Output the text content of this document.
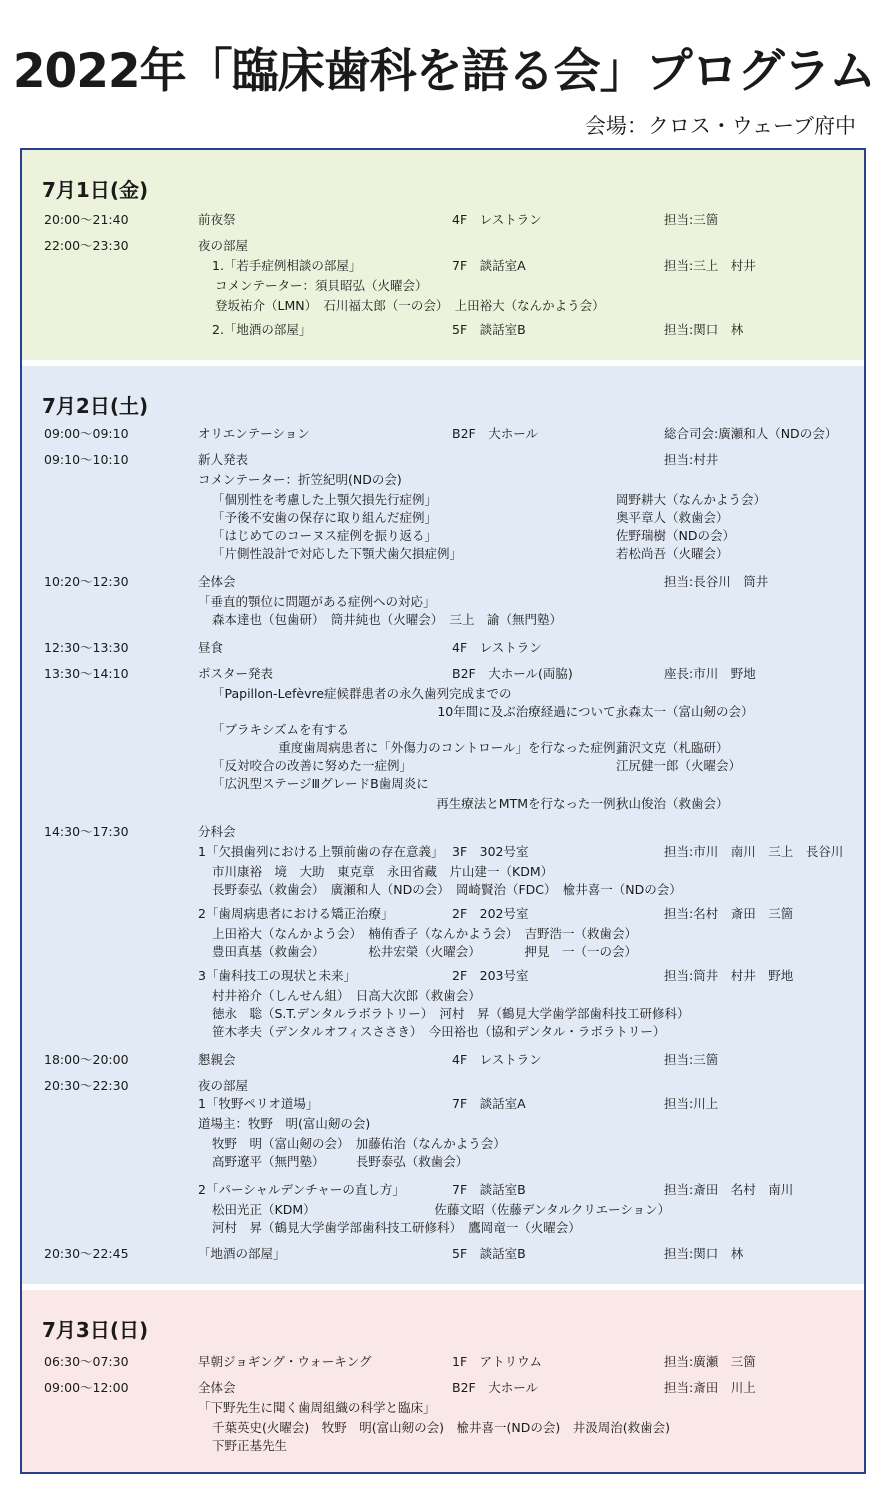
2022年「臨床歯科を語る会」プログラム
会場：クロス・ウェーブ府中
7月1日(金)
20:00〜21:40	前夜祭	4F　レストラン	担当:三箇
22:00〜23:30	夜の部屋
1.「若手症例相談の部屋」	7F　談話室A	担当:三上　村井
コメンテーター：須貝昭弘（火曜会）
登坂祐介（LMN）　石川福太郎（一の会）　上田裕大（なんかよう会）
2.「地酒の部屋」	5F　談話室B	担当:関口　林
7月2日(土)
09:00〜09:10	オリエンテーション	B2F　大ホール	総合司会:廣瀬和人（NDの会）
09:10〜10:10	新人発表	担当:村井
コメンテーター：折笠紀明(NDの会)
「個別性を考慮した上顎欠損先行症例」	岡野耕大（なんかよう会）
「予後不安歯の保存に取り組んだ症例」	奥平章人（救歯会）
「はじめてのコーヌス症例を振り返る」	佐野瑞樹（NDの会）
「片側性設計で対応した下顎犬歯欠損症例」	若松尚吾（火曜会）
10:20〜12:30	全体会	担当:長谷川　筒井
「垂直的顎位に問題がある症例への対応」
森本達也（包歯研）　筒井純也（火曜会）　三上　諭（無門塾）
12:30〜13:30	昼食	4F　レストラン
13:30〜14:10	ポスター発表	B2F　大ホール(両脇)	座長:市川　野地
「Papillon-Lefèvre症候群患者の永久歯列完成までの
10年間に及ぶ治療経過について」
永森太一（富山剱の会）
「ブラキシズムを有する
重度歯周病患者に「外傷力のコントロール」を行なった症例」
蒲沢文克（札臨研）
「反対咬合の改善に努めた一症例」	江尻健一郎（火曜会）
「広汎型ステージⅢグレードB歯周炎に
再生療法とMTMを行なった一例」
秋山俊治（救歯会）
14:30〜17:30	分科会
1「欠損歯列における上顎前歯の存在意義」 3F　302号室	担当:市川　南川　三上　長谷川
市川康裕　境　大助　東克章　永田省藏　片山建一（KDM）
長野泰弘（救歯会）　廣瀬和人（NDの会）　岡崎賢治（FDC）　楡井喜一（NDの会）
2「歯周病患者における矯正治療」	2F　202号室	担当:名村　斎田　三箇
上田裕大（なんかよう会）　楠侑香子（なんかよう会）　吉野浩一（救歯会）
豊田真基（救歯会）　　　　松井宏榮（火曜会）　　　　押見　一（一の会）
3「歯科技工の現状と未来」	2F　203号室	担当:筒井　村井　野地
村井裕介（しんせん組）　日高大次郎（救歯会）
徳永　聡（S.T.デンタルラボラトリー）　河村　昇（鶴見大学歯学部歯科技工研修科）
笹木孝夫（デンタルオフィスささき）　今田裕也（協和デンタル・ラボラトリー）
18:00〜20:00	懇親会	4F　レストラン	担当:三箇
20:30〜22:30	夜の部屋
1「牧野ペリオ道場」	7F　談話室A	担当:川上
道場主：牧野　明(富山剱の会)
牧野　明（富山剱の会）　加藤佑治（なんかよう会）
高野遼平（無門塾）　　　長野泰弘（救歯会）
2「パーシャルデンチャーの直し方」	7F　談話室B	担当:斎田　名村　南川
松田光正（KDM）　　　　　　　　　　佐藤文昭（佐藤デンタルクリエーション）
河村　昇（鶴見大学歯学部歯科技工研修科）　鷹岡竜一（火曜会）
20:30〜22:45	「地酒の部屋」	5F　談話室B	担当:関口　林
7月3日(日)
06:30〜07:30	早朝ジョギング・ウォーキング	1F　アトリウム	担当:廣瀬　三箇
09:00〜12:00	全体会	B2F　大ホール	担当:斎田　川上
「下野先生に聞く歯周組織の科学と臨床」
千葉英史(火曜会)　牧野　明(富山剱の会)　楡井喜一(NDの会)　井汲周治(救歯会)
下野正基先生
